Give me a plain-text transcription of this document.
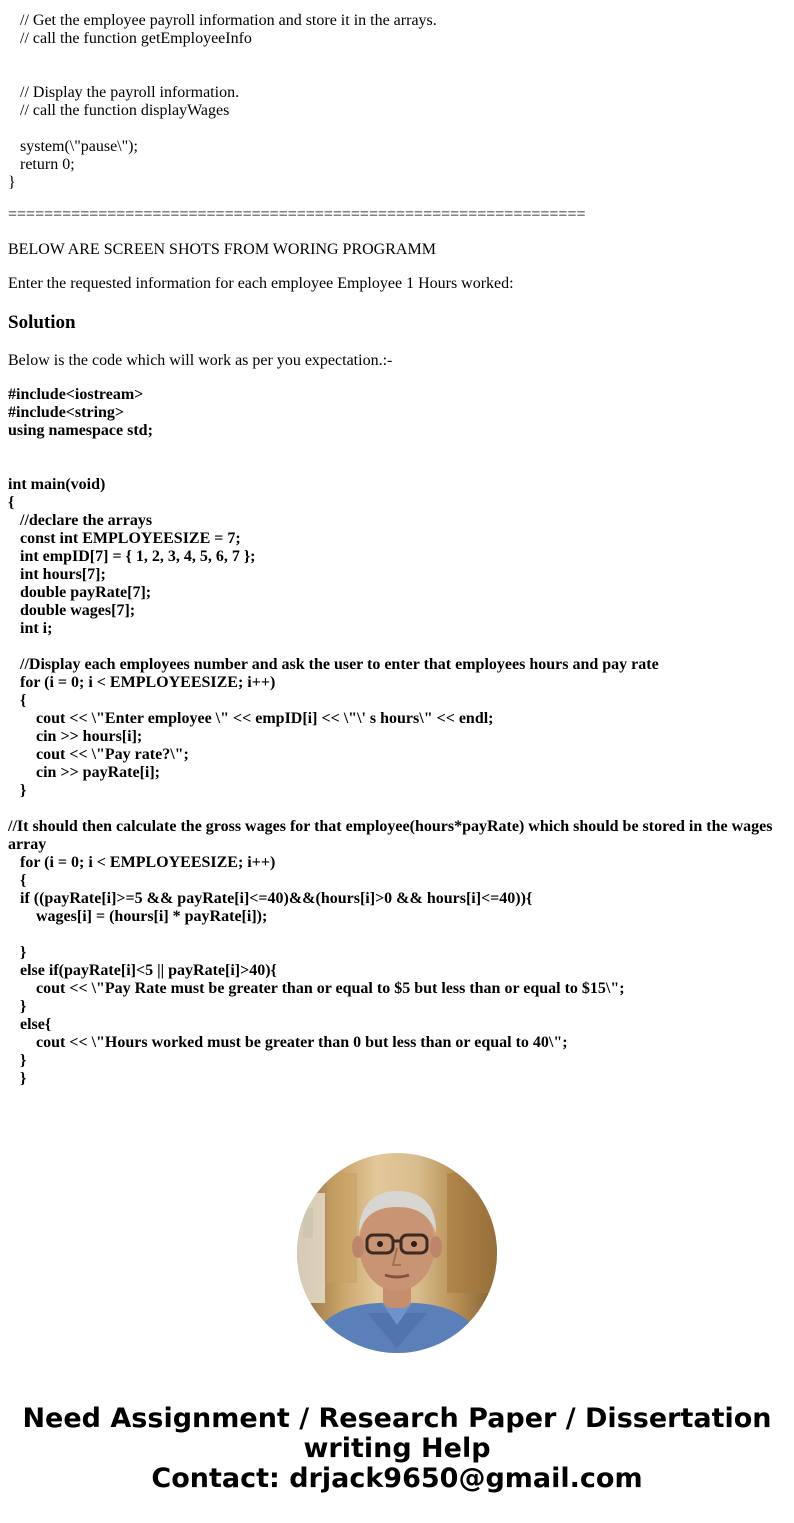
// Get the employee payroll information and store it in the arrays.
// call the function getEmployeeInfo
// Display the payroll information.
// call the function displayWages
system(\"pause\");
return 0;
}
================================================================
BELOW ARE SCREEN SHOTS FROM WORING PROGRAMM
Enter the requested information for each employee Employee 1 Hours worked:
Solution
Below is the code which will work as per you expectation.:-
#include<iostream>
#include<string>
using namespace std;
int main(void)
{
//declare the arrays
const int EMPLOYEESIZE = 7;
int empID[7] = { 1, 2, 3, 4, 5, 6, 7 };
int hours[7];
double payRate[7];
double wages[7];
int i;
//Display each employees number and ask the user to enter that employees hours and pay rate
for (i = 0; i < EMPLOYEESIZE; i++)
{
cout << \"Enter employee \" << empID[i] << \"\' s hours\" << endl;
cin >> hours[i];
cout << \"Pay rate?\";
cin >> payRate[i];
}
//It should then calculate the gross wages for that employee(hours*payRate) which should be stored in the wages array
for (i = 0; i < EMPLOYEESIZE; i++)
{
if ((payRate[i]>=5 && payRate[i]<=40)&&(hours[i]>0 && hours[i]<=40)){
wages[i] = (hours[i] * payRate[i]);
}
else if(payRate[i]<5 || payRate[i]>40){
cout << \"Pay Rate must be greater than or equal to $5 but less than or equal to $15\";
}
else{
cout << \"Hours worked must be greater than 0 but less than or equal to 40\";
}
}
Need Assignment / Research Paper / Dissertation
writing Help
Contact: drjack9650@gmail.com
